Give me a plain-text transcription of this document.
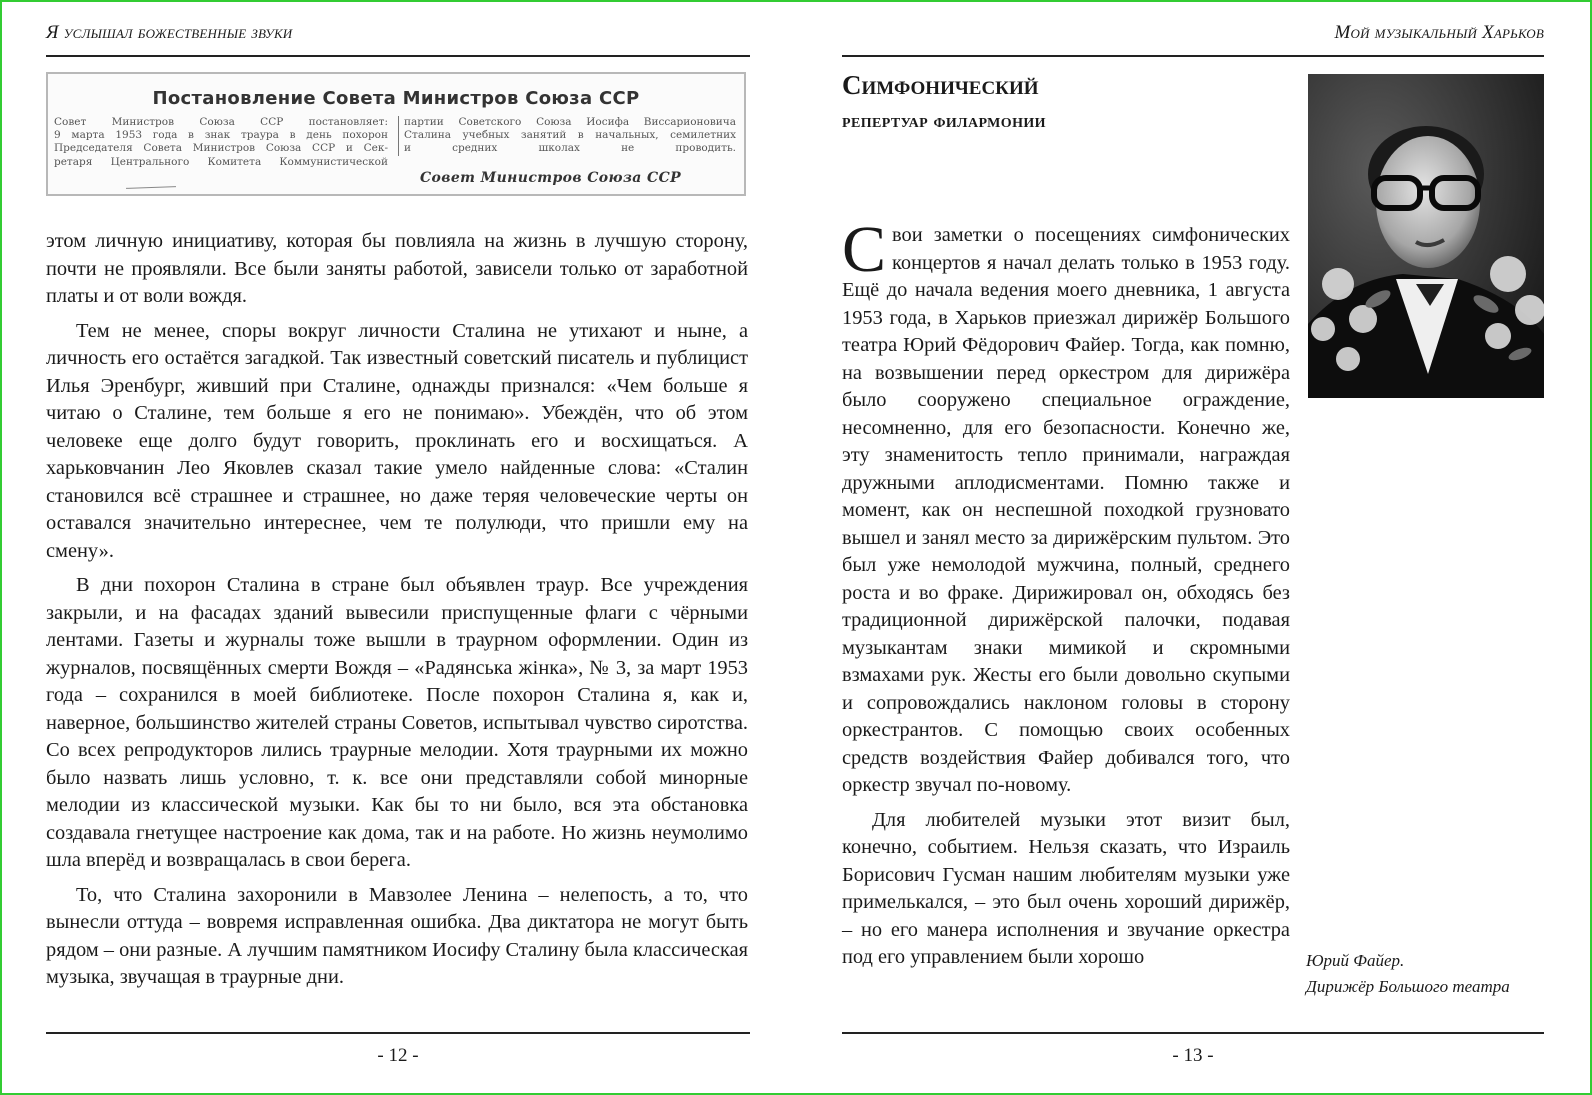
Я услышал божественные звуки
Постановление Совета Министров Союза ССР
Совет Министров Союза ССР постановляет:
9 марта 1953 года в знак траура в день похорон
Председателя Совета Министров Союза ССР и Сек-
ретаря Центрального Комитета Коммунистической
партии Советского Союза Иосифа Виссарионовича
Сталина учебных занятий в начальных, семилетних
и средних школах не проводить.
Совет Министров Союза ССР

этом личную инициативу, которая бы повлияла на жизнь в лучшую сторону, почти не проявляли. Все были заняты работой, зависели только от заработной платы и от воли вождя.

Тем не менее, споры вокруг личности Сталина не утихают и ныне, а личность его остаётся загадкой. Так известный советский писатель и публицист Илья Эренбург, живший при Сталине, однажды признался: «Чем больше я читаю о Сталине, тем больше я его не понимаю». Убеждён, что об этом человеке еще долго будут говорить, проклинать его и восхищаться. А харьковчанин Лео Яковлев сказал такие умело найденные слова: «Сталин становился всё страшнее и страшнее, но даже теряя человеческие черты он оставался значительно интереснее, чем те полулюди, что пришли ему на смену».

В дни похорон Сталина в стране был объявлен траур. Все учреждения закрыли, и на фасадах зданий вывесили приспущенные флаги с чёрными лентами. Газеты и журналы тоже вышли в траурном оформлении. Один из журналов, посвящённых смерти Вождя – «Радянська жінка», № 3, за март 1953 года – сохранился в моей библиотеке. После похорон Сталина я, как и, наверное, большинство жителей страны Советов, испытывал чувство сиротства. Со всех репродукторов лились траурные мелодии. Хотя траурными их можно было назвать лишь условно, т. к. все они представляли собой минорные мелодии из классической музыки. Как бы то ни было, вся эта обстановка создавала гнетущее настроение как дома, так и на работе. Но жизнь неумолимо шла вперёд и возвращалась в свои берега.

То, что Сталина захоронили в Мавзолее Ленина – нелепость, а то, что вынесли оттуда – вовремя исправленная ошибка. Два диктатора не могут быть рядом – они разные. А лучшим памятником Иосифу Сталину была классическая музыка, звучащая в траурные дни.

- 12 -
Мой музыкальный Харьков
Симфонический
репертуар филармонии

Свои заметки о посещениях симфонических концертов я начал делать только в 1953 году. Ещё до начала ведения моего дневника, 1 августа 1953 года, в Харьков приезжал дирижёр Большого театра Юрий Фёдорович Файер. Тогда, как помню, на возвышении перед оркестром для дирижёра было сооружено специальное ограждение, несомненно, для его безопасности. Конечно же, эту знаменитость тепло принимали, награждая дружными аплодисментами. Помню также и момент, как он неспешной походкой грузновато вышел и занял место за дирижёрским пультом. Это был уже немолодой мужчина, полный, среднего роста и во фраке. Дирижировал он, обходясь без традиционной дирижёрской палочки, подавая музыкантам знаки мимикой и скромными взмахами рук. Жесты его были довольно скупыми и сопровождались наклоном головы в сторону оркестрантов. С помощью своих особенных средств воздействия Файер добивался того, что оркестр звучал по-новому.

Для любителей музыки этот визит был, конечно, событием. Нельзя сказать, что Израиль Борисович Гусман нашим любителям музыки уже примелькался, – это был очень хороший дирижёр, – но его манера исполнения и звучание оркестра под его управлением были хорошо	Юрий Файер.
Дирижёр Большого театра
- 13 -
